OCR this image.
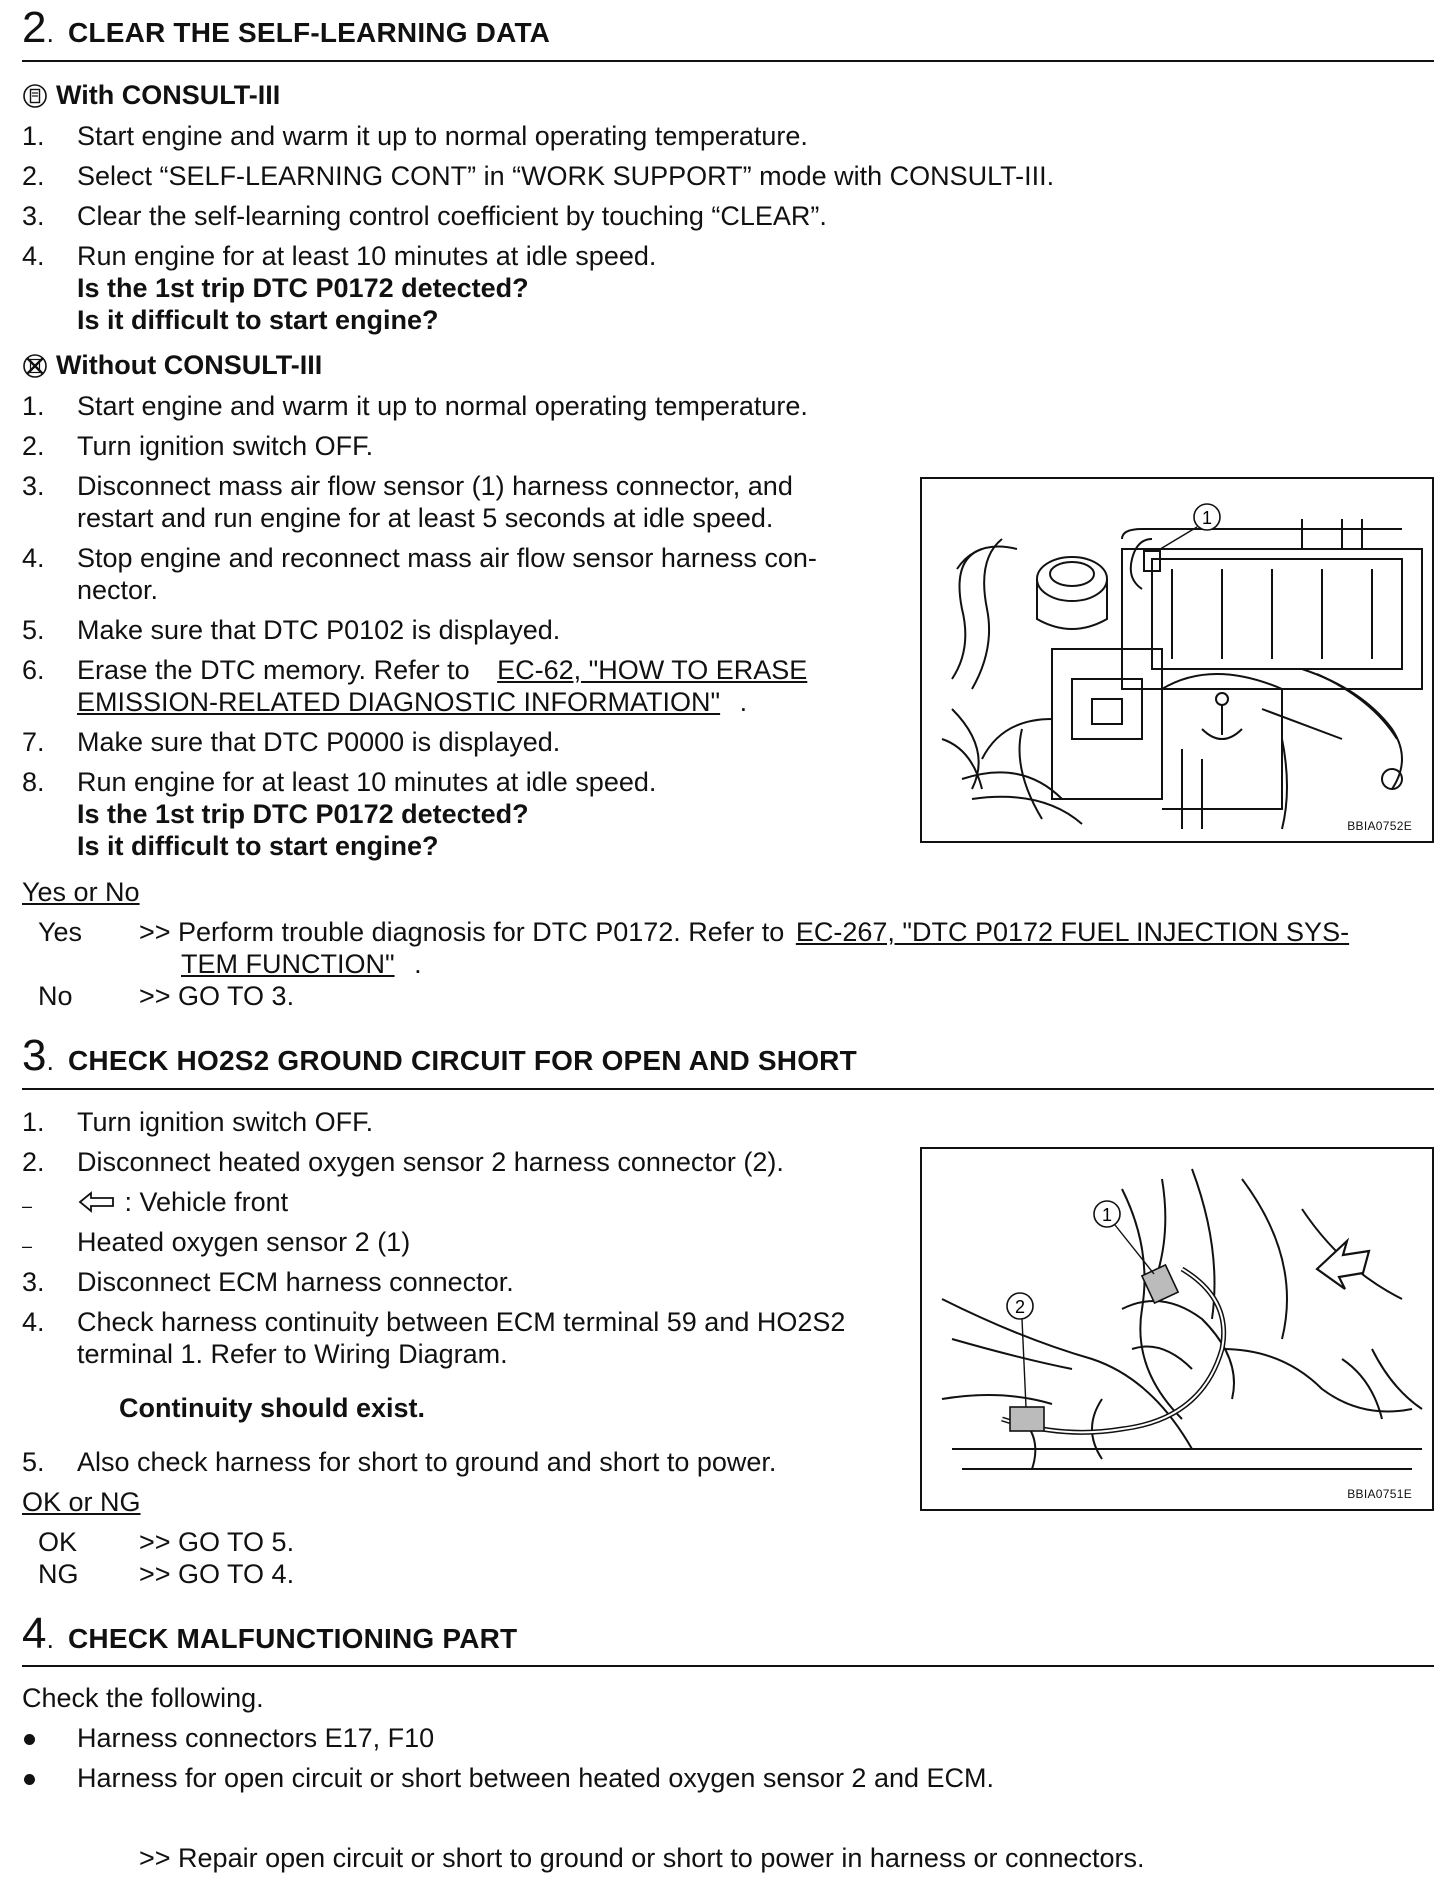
2 . CLEAR THE SELF-LEARNING DATA
With CONSULT-III
1. Start engine and warm it up to normal operating temperature.
2. Select “SELF-LEARNING CONT” in “WORK SUPPORT” mode with CONSULT-III.
3. Clear the self-learning control coefficient by touching “CLEAR”.
4. Run engine for at least 10 minutes at idle speed.
Is the 1st trip DTC P0172 detected?
Is it difficult to start engine?
Without CONSULT-III
1. Start engine and warm it up to normal operating temperature.
2. Turn ignition switch OFF.
3. Disconnect mass air flow sensor (1) harness connector, and
restart and run engine for at least 5 seconds at idle speed.
4. Stop engine and reconnect mass air flow sensor harness con-
nector.
5. Make sure that DTC P0102 is displayed.
6. Erase the DTC memory. Refer to EC-62, "HOW TO ERASE
EMISSION-RELATED DIAGNOSTIC INFORMATION" .
7. Make sure that DTC P0000 is displayed.
8. Run engine for at least 10 minutes at idle speed.
Is the 1st trip DTC P0172 detected?
Is it difficult to start engine?
1
BBIA0752E
Yes or No
Yes >> Perform trouble diagnosis for DTC P0172. Refer to EC-267, "DTC P0172 FUEL INJECTION SYS-
TEM FUNCTION" .
No >> GO TO 3.
3 . CHECK HO2S2 GROUND CIRCUIT FOR OPEN AND SHORT
1. Turn ignition switch OFF.
2. Disconnect heated oxygen sensor 2 harness connector (2).
–	: Vehicle front
– Heated oxygen sensor 2 (1)
3. Disconnect ECM harness connector.
4. Check harness continuity between ECM terminal 59 and HO2S2
terminal 1. Refer to Wiring Diagram.
Continuity should exist.
5. Also check harness for short to ground and short to power.
1
2
BBIA0751E
OK or NG
OK >> GO TO 5.
NG >> GO TO 4.
4 . CHECK MALFUNCTIONING PART
Check the following.
Harness connectors E17, F10
Harness for open circuit or short between heated oxygen sensor 2 and ECM.
>> Repair open circuit or short to ground or short to power in harness or connectors.
